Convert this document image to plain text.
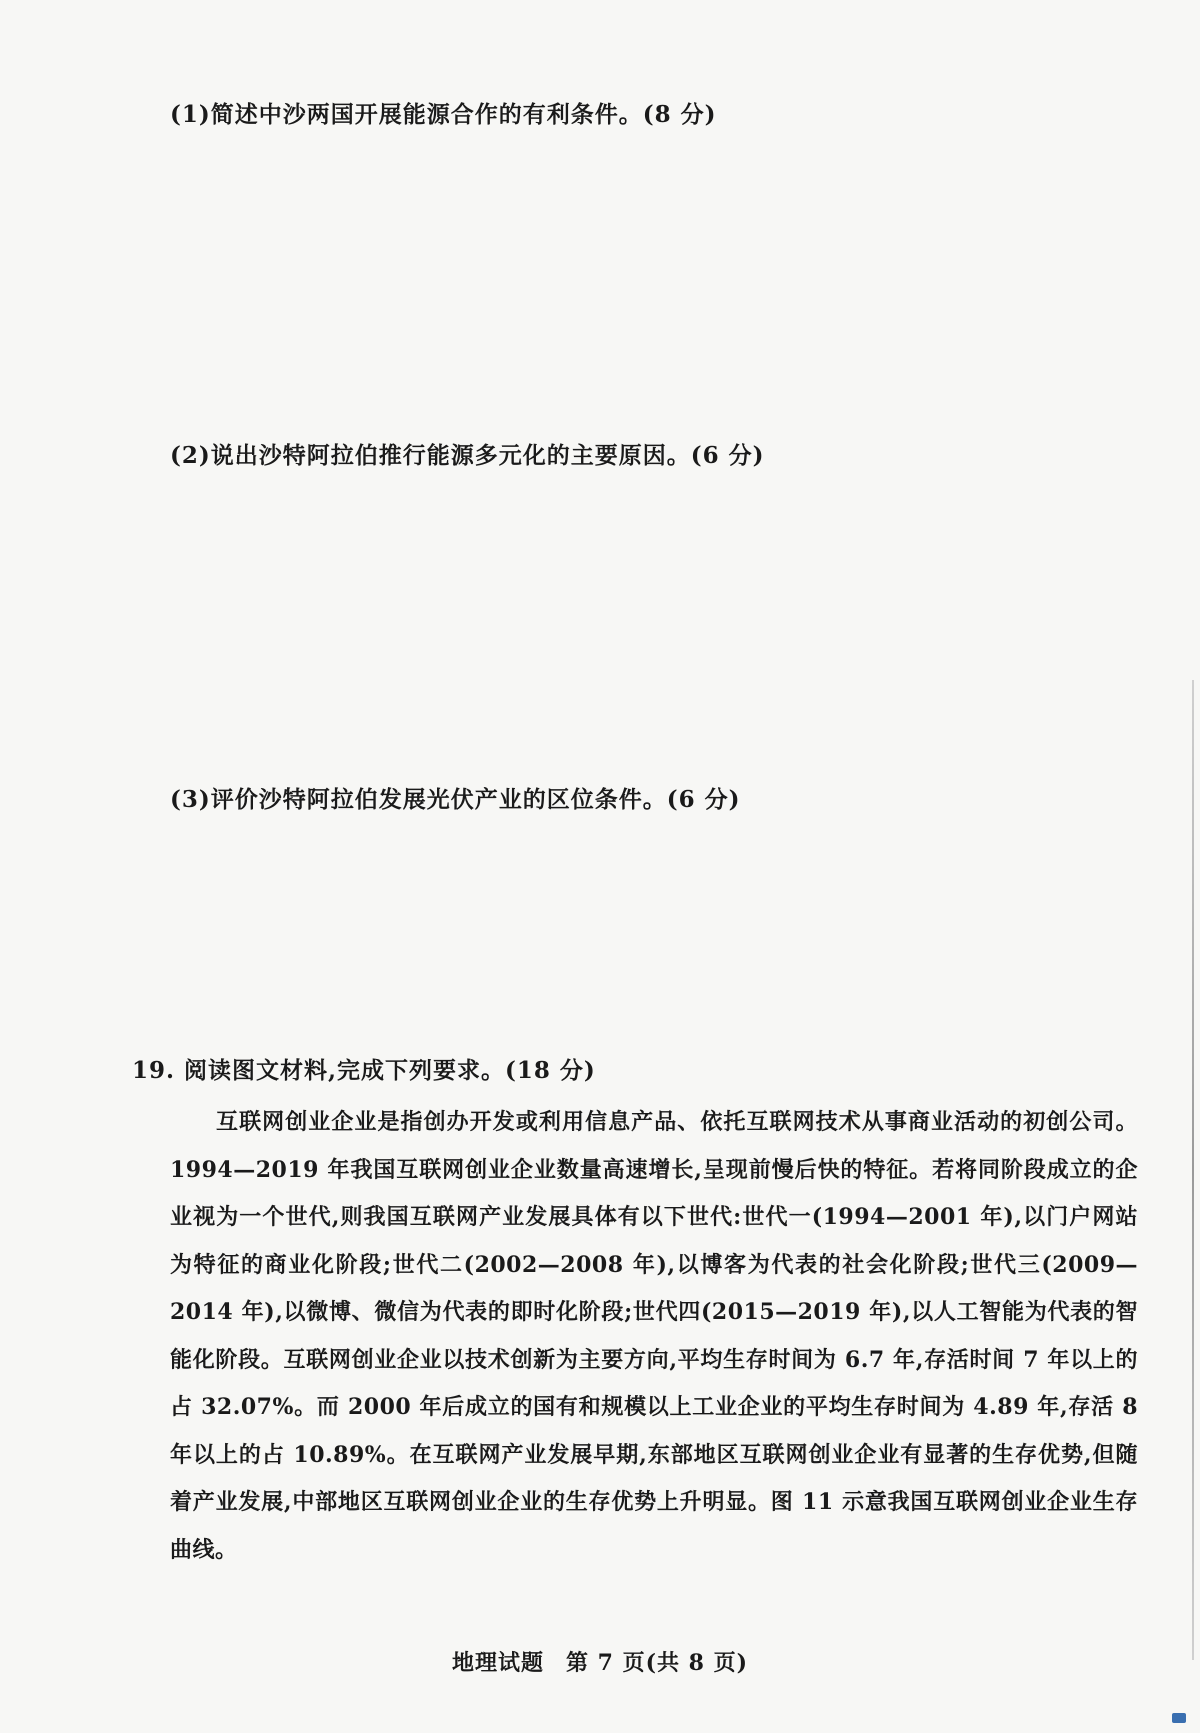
(1)简述中沙两国开展能源合作的有利条件。(8 分)
(2)说出沙特阿拉伯推行能源多元化的主要原因。(6 分)
(3)评价沙特阿拉伯发展光伏产业的区位条件。(6 分)
19. 阅读图文材料,完成下列要求。(18 分)
互联网创业企业是指创办开发或利用信息产品、依托互联网技术从事商业活动的初创公司。1994—2019 年我国互联网创业企业数量高速增长,呈现前慢后快的特征。若将同阶段成立的企业视为一个世代,则我国互联网产业发展具体有以下世代:世代一(1994—2001 年),以门户网站为特征的商业化阶段;世代二(2002—2008 年),以博客为代表的社会化阶段;世代三(2009—2014 年),以微博、微信为代表的即时化阶段;世代四(2015—2019 年),以人工智能为代表的智能化阶段。互联网创业企业以技术创新为主要方向,平均生存时间为 6.7 年,存活时间 7 年以上的占 32.07%。而 2000 年后成立的国有和规模以上工业企业的平均生存时间为 4.89 年,存活 8 年以上的占 10.89%。在互联网产业发展早期,东部地区互联网创业企业有显著的生存优势,但随着产业发展,中部地区互联网创业企业的生存优势上升明显。图 11 示意我国互联网创业企业生存曲线。
地理试题 第 7 页(共 8 页)
